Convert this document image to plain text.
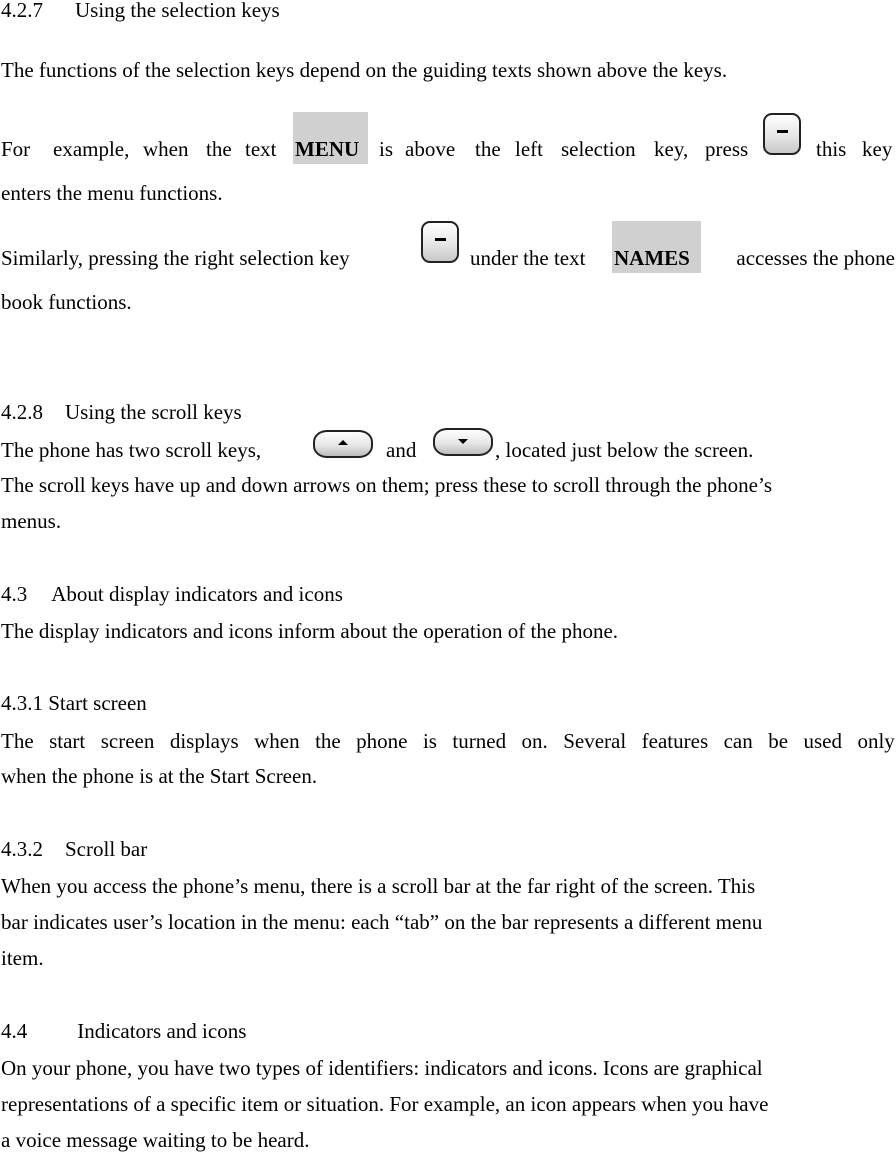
4.2.7 Using the selection keys
The functions of the selection keys depend on the guiding texts shown above the keys.
For example, when the text MENU is above the left selection key, press	this key
enters the menu functions.
Similarly, pressing the right selection key	under the text NAMES accesses the phone
book functions.
4.2.8 Using the scroll keys
The phone has two scroll keys,	and	, located just below the screen.
The scroll keys have up and down arrows on them; press these to scroll through the phone’s
menus.
4.3 About display indicators and icons
The display indicators and icons inform about the operation of the phone.
4.3.1 Start screen
The start screen displays when the phone is turned on. Several features can be used only
when the phone is at the Start Screen.
4.3.2 Scroll bar
When you access the phone’s menu, there is a scroll bar at the far right of the screen. This
bar indicates user’s location in the menu: each “tab” on the bar represents a different menu
item.
4.4 Indicators and icons
On your phone, you have two types of identifiers: indicators and icons. Icons are graphical
representations of a specific item or situation. For example, an icon appears when you have
a voice message waiting to be heard.
